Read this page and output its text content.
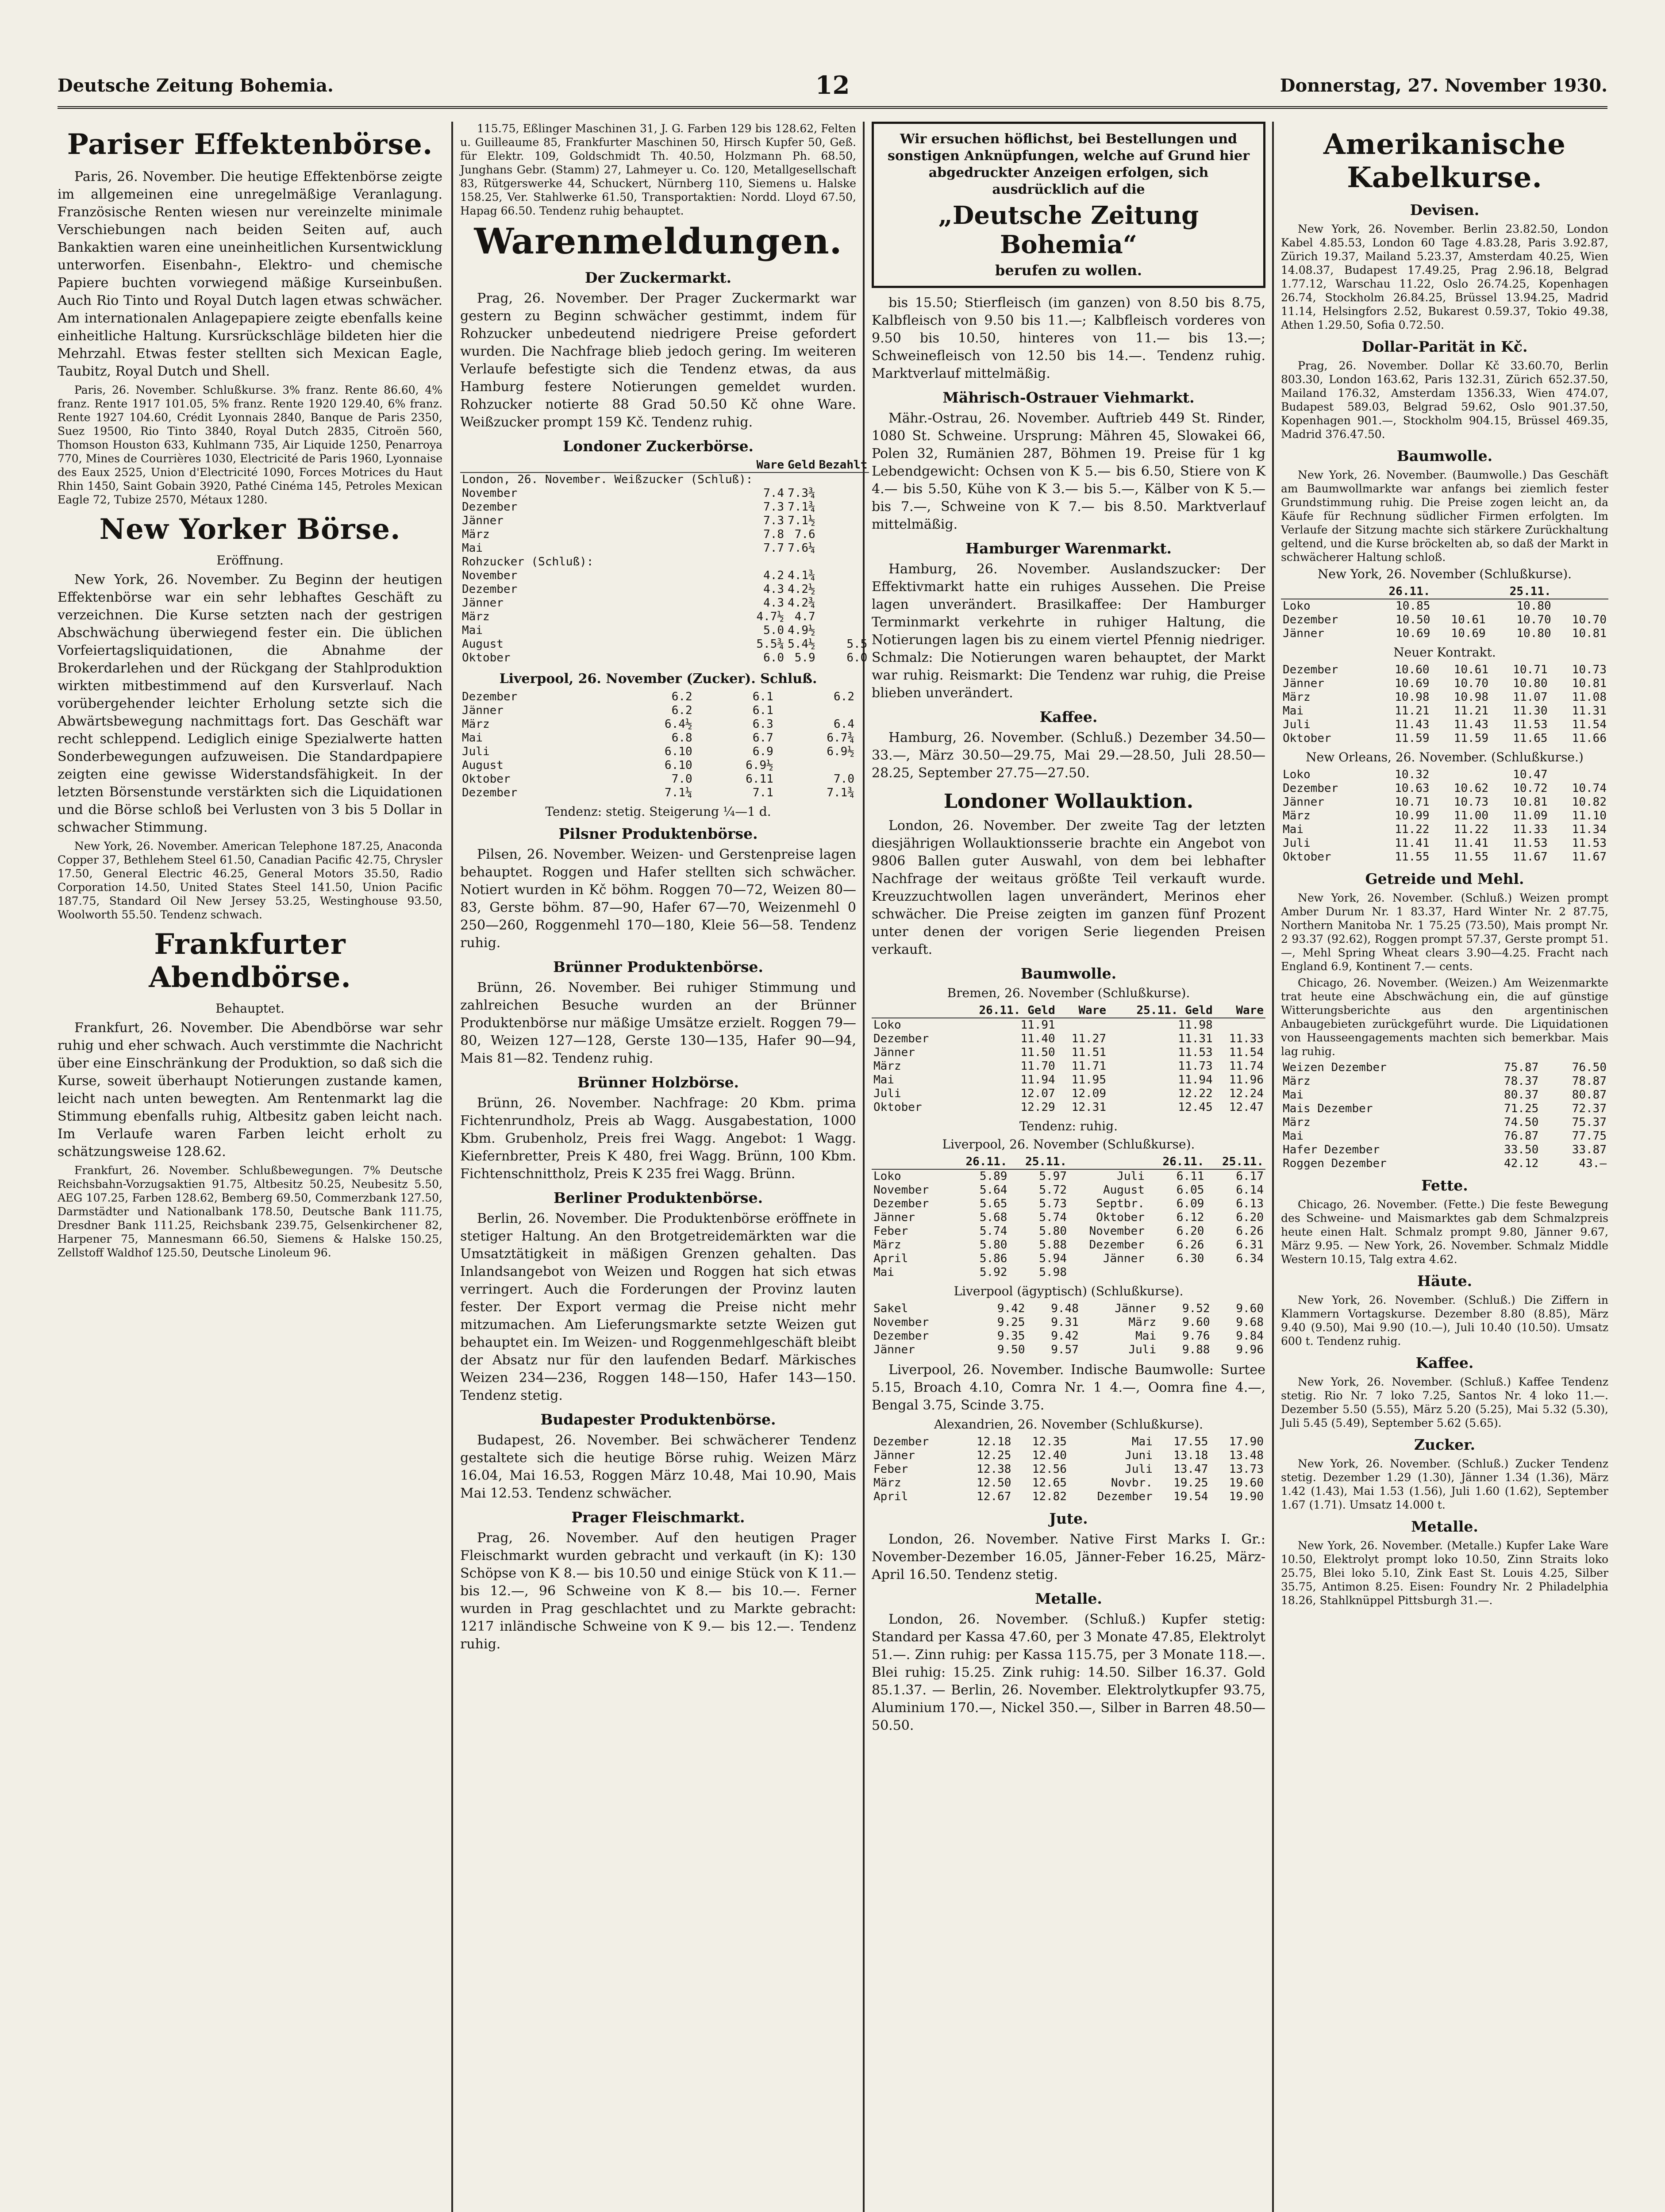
Deutsche Zeitung Bohemia.	12	Donnerstag, 27. November 1930.
Pariser Effektenbörse.

Paris, 26. November. Die heutige Effektenbörse zeigte im allgemeinen eine unregelmäßige Veranlagung. Französische Renten wiesen nur vereinzelte minimale Verschiebungen nach beiden Seiten auf, auch Bankaktien waren eine uneinheitlichen Kursentwicklung unterworfen. Eisenbahn-, Elektro- und chemische Papiere buchten vorwiegend mäßige Kurseinbußen. Auch Rio Tinto und Royal Dutch lagen etwas schwächer. Am internationalen Anlagepapiere zeigte ebenfalls keine einheitliche Haltung. Kursrückschläge bildeten hier die Mehrzahl. Etwas fester stellten sich Mexican Eagle, Taubitz, Royal Dutch und Shell.

Paris, 26. November. Schlußkurse. 3% franz. Rente 86.60, 4% franz. Rente 1917 101.05, 5% franz. Rente 1920 129.40, 6% franz. Rente 1927 104.60, Crédit Lyonnais 2840, Banque de Paris 2350, Suez 19500, Rio Tinto 3840, Royal Dutch 2835, Citroën 560, Thomson Houston 633, Kuhlmann 735, Air Liquide 1250, Penarroya 770, Mines de Courrières 1030, Electricité de Paris 1960, Lyonnaise des Eaux 2525, Union d'Electricité 1090, Forces Motrices du Haut Rhin 1450, Saint Gobain 3920, Pathé Cinéma 145, Petroles Mexican Eagle 72, Tubize 2570, Métaux 1280.

New Yorker Börse.
Eröffnung.

New York, 26. November. Zu Beginn der heutigen Effektenbörse war ein sehr lebhaftes Geschäft zu verzeichnen. Die Kurse setzten nach der gestrigen Abschwächung überwiegend fester ein. Die üblichen Vorfeiertagsliquidationen, die Abnahme der Brokerdarlehen und der Rückgang der Stahlproduktion wirkten mitbestimmend auf den Kursverlauf. Nach vorübergehender leichter Erholung setzte sich die Abwärtsbewegung nachmittags fort. Das Geschäft war recht schleppend. Lediglich einige Spezialwerte hatten Sonderbewegungen aufzuweisen. Die Standardpapiere zeigten eine gewisse Widerstandsfähigkeit. In der letzten Börsenstunde verstärkten sich die Liquidationen und die Börse schloß bei Verlusten von 3 bis 5 Dollar in schwacher Stimmung.

New York, 26. November. American Telephone 187.25, Anaconda Copper 37, Bethlehem Steel 61.50, Canadian Pacific 42.75, Chrysler 17.50, General Electric 46.25, General Motors 35.50, Radio Corporation 14.50, United States Steel 141.50, Union Pacific 187.75, Standard Oil New Jersey 53.25, Westinghouse 93.50, Woolworth 55.50. Tendenz schwach.

Frankfurter Abendbörse.
Behauptet.

Frankfurt, 26. November. Die Abendbörse war sehr ruhig und eher schwach. Auch verstimmte die Nachricht über eine Einschränkung der Produktion, so daß sich die Kurse, soweit überhaupt Notierungen zustande kamen, leicht nach unten bewegten. Am Rentenmarkt lag die Stimmung ebenfalls ruhig, Altbesitz gaben leicht nach. Im Verlaufe waren Farben leicht erholt zu schätzungsweise 128.62.

Frankfurt, 26. November. Schlußbewegungen. 7% Deutsche Reichsbahn-Vorzugsaktien 91.75, Altbesitz 50.25, Neubesitz 5.50, AEG 107.25, Farben 128.62, Bemberg 69.50, Commerzbank 127.50, Darmstädter und Nationalbank 178.50, Deutsche Bank 111.75, Dresdner Bank 111.25, Reichsbank 239.75, Gelsenkirchener 82, Harpener 75, Mannesmann 66.50, Siemens & Halske 150.25, Zellstoff Waldhof 125.50, Deutsche Linoleum 96.

115.75, Eßlinger Maschinen 31, J. G. Farben 129 bis 128.62, Felten u. Guilleaume 85, Frankfurter Maschinen 50, Hirsch Kupfer 50, Geß. für Elektr. 109, Goldschmidt Th. 40.50, Holzmann Ph. 68.50, Junghans Gebr. (Stamm) 27, Lahmeyer u. Co. 120, Metallgesellschaft 83, Rütgerswerke 44, Schuckert, Nürnberg 110, Siemens u. Halske 158.25, Ver. Stahlwerke 61.50, Transportaktien: Nordd. Lloyd 67.50, Hapag 66.50. Tendenz ruhig behauptet.

Warenmeldungen.
Der Zuckermarkt.

Prag, 26. November. Der Prager Zuckermarkt war gestern zu Beginn schwächer gestimmt, indem für Rohzucker unbedeutend niedrigere Preise gefordert wurden. Die Nachfrage blieb jedoch gering. Im weiteren Verlaufe befestigte sich die Tendenz etwas, da aus Hamburg festere Notierungen gemeldet wurden. Rohzucker notierte 88 Grad 50.50 Kč ohne Ware. Weißzucker prompt 159 Kč. Tendenz ruhig.

Londoner Zuckerbörse.
	Ware	Geld	Bezahlt
London, 26. November. Weißzucker (Schluß):			
November	7.4	7.3¾	
Dezember	7.3	7.1¾	
Jänner	7.3	7.1½	
März	7.8	7.6	
Mai	7.7	7.6¼	
Rohzucker (Schluß):			
November	4.2	4.1¾	
Dezember	4.3	4.2½	
Jänner	4.3	4.2¾	
März	4.7½	4.7	
Mai	5.0	4.9½	
August	5.5¾	5.4½	5.5
Oktober	6.0	5.9	6.0
Liverpool, 26. November (Zucker). Schluß.
Dezember	6.2	6.1	6.2
Jänner	6.2	6.1	
März	6.4½	6.3	6.4
Mai	6.8	6.7	6.7¾
Juli	6.10	6.9	6.9½
August	6.10	6.9½	
Oktober	7.0	6.11	7.0
Dezember	7.1¼	7.1	7.1¾
Tendenz: stetig. Steigerung ¼—1 d.
Pilsner Produktenbörse.

Pilsen, 26. November. Weizen- und Gerstenpreise lagen behauptet. Roggen und Hafer stellten sich schwächer. Notiert wurden in Kč böhm. Roggen 70—72, Weizen 80—83, Gerste böhm. 87—90, Hafer 67—70, Weizenmehl 0 250—260, Roggenmehl 170—180, Kleie 56—58. Tendenz ruhig.

Brünner Produktenbörse.

Brünn, 26. November. Bei ruhiger Stimmung und zahlreichen Besuche wurden an der Brünner Produktenbörse nur mäßige Umsätze erzielt. Roggen 79—80, Weizen 127—128, Gerste 130—135, Hafer 90—94, Mais 81—82. Tendenz ruhig.

Brünner Holzbörse.

Brünn, 26. November. Nachfrage: 20 Kbm. prima Fichtenrundholz, Preis ab Wagg. Ausgabestation, 1000 Kbm. Grubenholz, Preis frei Wagg. Angebot: 1 Wagg. Kiefernbretter, Preis K 480, frei Wagg. Brünn, 100 Kbm. Fichtenschnittholz, Preis K 235 frei Wagg. Brünn.

Berliner Produktenbörse.

Berlin, 26. November. Die Produktenbörse eröffnete in stetiger Haltung. An den Brotgetreidemärkten war die Umsatztätigkeit in mäßigen Grenzen gehalten. Das Inlandsangebot von Weizen und Roggen hat sich etwas verringert. Auch die Forderungen der Provinz lauten fester. Der Export vermag die Preise nicht mehr mitzumachen. Am Lieferungsmarkte setzte Weizen gut behauptet ein. Im Weizen- und Roggenmehlgeschäft bleibt der Absatz nur für den laufenden Bedarf. Märkisches Weizen 234—236, Roggen 148—150, Hafer 143—150. Tendenz stetig.

Budapester Produktenbörse.

Budapest, 26. November. Bei schwächerer Tendenz gestaltete sich die heutige Börse ruhig. Weizen März 16.04, Mai 16.53, Roggen März 10.48, Mai 10.90, Mais Mai 12.53. Tendenz schwächer.

Prager Fleischmarkt.

Prag, 26. November. Auf den heutigen Prager Fleischmarkt wurden gebracht und verkauft (in K): 130 Schöpse von K 8.— bis 10.50 und einige Stück von K 11.— bis 12.—, 96 Schweine von K 8.— bis 10.—. Ferner wurden in Prag geschlachtet und zu Markte gebracht: 1217 inländische Schweine von K 9.— bis 12.—. Tendenz ruhig.

Wir ersuchen höflichst, bei Bestellungen und sonstigen Anknüpfungen, welche auf Grund hier abgedruckter Anzeigen erfolgen, sich ausdrücklich auf die
„Deutsche Zeitung Bohemia“
berufen zu wollen.

bis 15.50; Stierfleisch (im ganzen) von 8.50 bis 8.75, Kalbfleisch von 9.50 bis 11.—; Kalbfleisch vorderes von 9.50 bis 10.50, hinteres von 11.— bis 13.—; Schweinefleisch von 12.50 bis 14.—. Tendenz ruhig. Marktverlauf mittelmäßig.

Mährisch-Ostrauer Viehmarkt.

Mähr.-Ostrau, 26. November. Auftrieb 449 St. Rinder, 1080 St. Schweine. Ursprung: Mähren 45, Slowakei 66, Polen 32, Rumänien 287, Böhmen 19. Preise für 1 kg Lebendgewicht: Ochsen von K 5.— bis 6.50, Stiere von K 4.— bis 5.50, Kühe von K 3.— bis 5.—, Kälber von K 5.— bis 7.—, Schweine von K 7.— bis 8.50. Marktverlauf mittelmäßig.

Hamburger Warenmarkt.

Hamburg, 26. November. Auslandszucker: Der Effektivmarkt hatte ein ruhiges Aussehen. Die Preise lagen unverändert. Brasilkaffee: Der Hamburger Terminmarkt verkehrte in ruhiger Haltung, die Notierungen lagen bis zu einem viertel Pfennig niedriger. Schmalz: Die Notierungen waren behauptet, der Markt war ruhig. Reismarkt: Die Tendenz war ruhig, die Preise blieben unverändert.

Kaffee.

Hamburg, 26. November. (Schluß.) Dezember 34.50—33.—, März 30.50—29.75, Mai 29.—28.50, Juli 28.50—28.25, September 27.75—27.50.

Londoner Wollauktion.

London, 26. November. Der zweite Tag der letzten diesjährigen Wollauktionsserie brachte ein Angebot von 9806 Ballen guter Auswahl, von dem bei lebhafter Nachfrage der weitaus größte Teil verkauft wurde. Kreuzzuchtwollen lagen unverändert, Merinos eher schwächer. Die Preise zeigten im ganzen fünf Prozent unter denen der vorigen Serie liegenden Preisen verkauft.

Baumwolle.
Bremen, 26. November (Schlußkurse).
	26.11. Geld	Ware	25.11. Geld	Ware
Loko	11.91		11.98	
Dezember	11.40	11.27	11.31	11.33
Jänner	11.50	11.51	11.53	11.54
März	11.70	11.71	11.73	11.74
Mai	11.94	11.95	11.94	11.96
Juli	12.07	12.09	12.22	12.24
Oktober	12.29	12.31	12.45	12.47
Tendenz: ruhig.
Liverpool, 26. November (Schlußkurse).
	26.11.	25.11.		26.11.	25.11.
Loko	5.89	5.97	Juli	6.11	6.17
November	5.64	5.72	August	6.05	6.14
Dezember	5.65	5.73	Septbr.	6.09	6.13
Jänner	5.68	5.74	Oktober	6.12	6.20
Feber	5.74	5.80	November	6.20	6.26
März	5.80	5.88	Dezember	6.26	6.31
April	5.86	5.94	Jänner	6.30	6.34
Mai	5.92	5.98			
Liverpool (ägyptisch) (Schlußkurse).
Sakel	9.42	9.48	Jänner	9.52	9.60
November	9.25	9.31	März	9.60	9.68
Dezember	9.35	9.42	Mai	9.76	9.84
Jänner	9.50	9.57	Juli	9.88	9.96

Liverpool, 26. November. Indische Baumwolle: Surtee 5.15, Broach 4.10, Comra Nr. 1 4.—, Oomra fine 4.—, Bengal 3.75, Scinde 3.75.

Alexandrien, 26. November (Schlußkurse).
Dezember	12.18	12.35	Mai	17.55	17.90
Jänner	12.25	12.40	Juni	13.18	13.48
Feber	12.38	12.56	Juli	13.47	13.73
März	12.50	12.65	Novbr.	19.25	19.60
April	12.67	12.82	Dezember	19.54	19.90
Jute.

London, 26. November. Native First Marks I. Gr.: November-Dezember 16.05, Jänner-Feber 16.25, März-April 16.50. Tendenz stetig.

Metalle.

London, 26. November. (Schluß.) Kupfer stetig: Standard per Kassa 47.60, per 3 Monate 47.85, Elektrolyt 51.—. Zinn ruhig: per Kassa 115.75, per 3 Monate 118.—. Blei ruhig: 15.25. Zink ruhig: 14.50. Silber 16.37. Gold 85.1.37. — Berlin, 26. November. Elektrolytkupfer 93.75, Aluminium 170.—, Nickel 350.—, Silber in Barren 48.50—50.50.

Amerikanische Kabelkurse.
Devisen.

New York, 26. November. Berlin 23.82.50, London Kabel 4.85.53, London 60 Tage 4.83.28, Paris 3.92.87, Zürich 19.37, Mailand 5.23.37, Amsterdam 40.25, Wien 14.08.37, Budapest 17.49.25, Prag 2.96.18, Belgrad 1.77.12, Warschau 11.22, Oslo 26.74.25, Kopenhagen 26.74, Stockholm 26.84.25, Brüssel 13.94.25, Madrid 11.14, Helsingfors 2.52, Bukarest 0.59.37, Tokio 49.38, Athen 1.29.50, Sofia 0.72.50.

Dollar-Parität in Kč.

Prag, 26. November. Dollar Kč 33.60.70, Berlin 803.30, London 163.62, Paris 132.31, Zürich 652.37.50, Mailand 176.32, Amsterdam 1356.33, Wien 474.07, Budapest 589.03, Belgrad 59.62, Oslo 901.37.50, Kopenhagen 901.—, Stockholm 904.15, Brüssel 469.35, Madrid 376.47.50.

Baumwolle.

New York, 26. November. (Baumwolle.) Das Geschäft am Baumwollmarkte war anfangs bei ziemlich fester Grundstimmung ruhig. Die Preise zogen leicht an, da Käufe für Rechnung südlicher Firmen erfolgten. Im Verlaufe der Sitzung machte sich stärkere Zurückhaltung geltend, und die Kurse bröckelten ab, so daß der Markt in schwächerer Haltung schloß.

New York, 26. November (Schlußkurse).
	26.11.		25.11.	
Loko	10.85		10.80	
Dezember	10.50	10.61	10.70	10.70
Jänner	10.69	10.69	10.80	10.81
Neuer Kontrakt.
Dezember	10.60	10.61	10.71	10.73
Jänner	10.69	10.70	10.80	10.81
März	10.98	10.98	11.07	11.08
Mai	11.21	11.21	11.30	11.31
Juli	11.43	11.43	11.53	11.54
Oktober	11.59	11.59	11.65	11.66
New Orleans, 26. November. (Schlußkurse.)
Loko	10.32		10.47	
Dezember	10.63	10.62	10.72	10.74
Jänner	10.71	10.73	10.81	10.82
März	10.99	11.00	11.09	11.10
Mai	11.22	11.22	11.33	11.34
Juli	11.41	11.41	11.53	11.53
Oktober	11.55	11.55	11.67	11.67
Getreide und Mehl.

New York, 26. November. (Schluß.) Weizen prompt Amber Durum Nr. 1 83.37, Hard Winter Nr. 2 87.75, Northern Manitoba Nr. 1 75.25 (73.50), Mais prompt Nr. 2 93.37 (92.62), Roggen prompt 57.37, Gerste prompt 51.—, Mehl Spring Wheat clears 3.90—4.25. Fracht nach England 6.9, Kontinent 7.— cents.

Chicago, 26. November. (Weizen.) Am Weizenmarkte trat heute eine Abschwächung ein, die auf günstige Witterungsberichte aus den argentinischen Anbaugebieten zurückgeführt wurde. Die Liquidationen von Hausseengagements machten sich bemerkbar. Mais lag ruhig.

Weizen Dezember	75.87	76.50
März	78.37	78.87
Mai	80.37	80.87
Mais Dezember	71.25	72.37
März	74.50	75.37
Mai	76.87	77.75
Hafer Dezember	33.50	33.87
Roggen Dezember	42.12	43.—
Fette.

Chicago, 26. November. (Fette.) Die feste Bewegung des Schweine- und Maismarktes gab dem Schmalzpreis heute einen Halt. Schmalz prompt 9.80, Jänner 9.67, März 9.95. — New York, 26. November. Schmalz Middle Western 10.15, Talg extra 4.62.

Häute.

New York, 26. November. (Schluß.) Die Ziffern in Klammern Vortagskurse. Dezember 8.80 (8.85), März 9.40 (9.50), Mai 9.90 (10.—), Juli 10.40 (10.50). Umsatz 600 t. Tendenz ruhig.

Kaffee.

New York, 26. November. (Schluß.) Kaffee Tendenz stetig. Rio Nr. 7 loko 7.25, Santos Nr. 4 loko 11.—. Dezember 5.50 (5.55), März 5.20 (5.25), Mai 5.32 (5.30), Juli 5.45 (5.49), September 5.62 (5.65).

Zucker.

New York, 26. November. (Schluß.) Zucker Tendenz stetig. Dezember 1.29 (1.30), Jänner 1.34 (1.36), März 1.42 (1.43), Mai 1.53 (1.56), Juli 1.60 (1.62), September 1.67 (1.71). Umsatz 14.000 t.

Metalle.

New York, 26. November. (Metalle.) Kupfer Lake Ware 10.50, Elektrolyt prompt loko 10.50, Zinn Straits loko 25.75, Blei loko 5.10, Zink East St. Louis 4.25, Silber 35.75, Antimon 8.25. Eisen: Foundry Nr. 2 Philadelphia 18.26, Stahlknüppel Pittsburgh 31.—.
